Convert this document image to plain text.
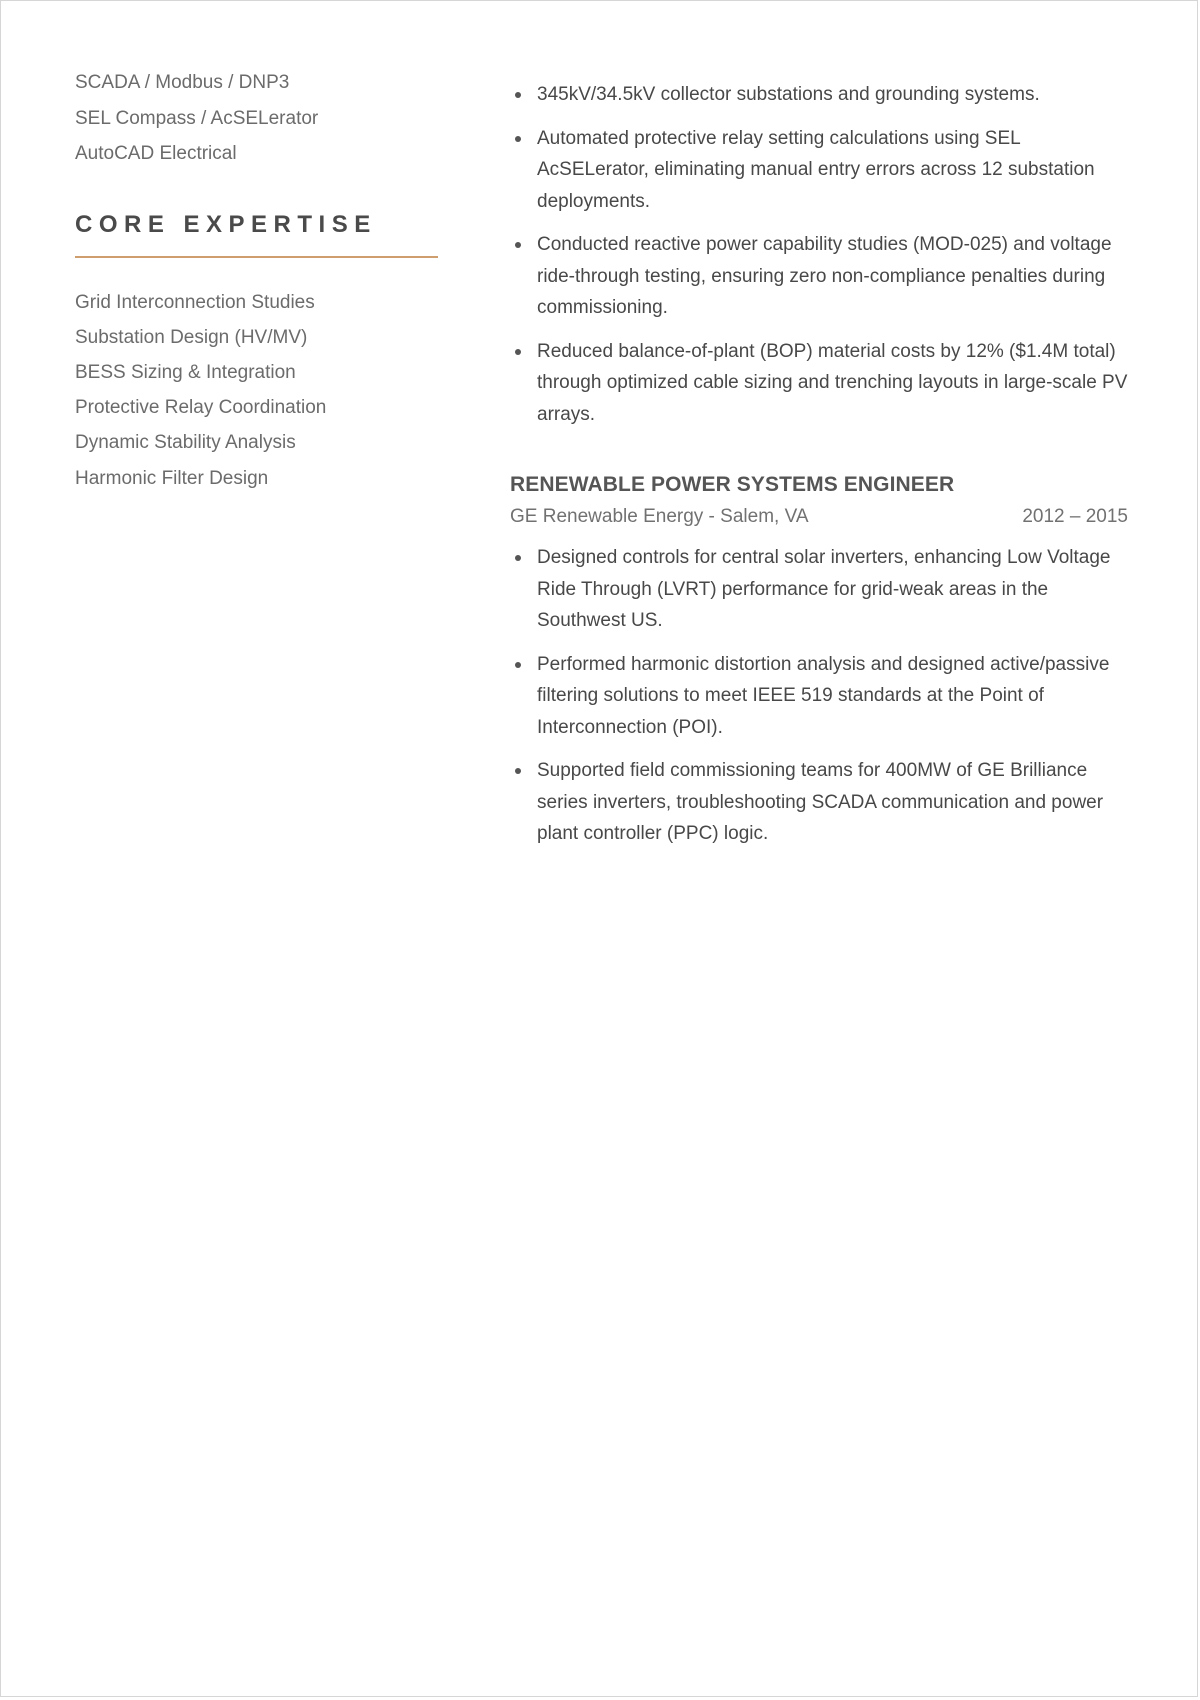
SCADA / Modbus / DNP3
SEL Compass / AcSELerator
AutoCAD Electrical
CORE EXPERTISE
Grid Interconnection Studies
Substation Design (HV/MV)
BESS Sizing & Integration
Protective Relay Coordination
Dynamic Stability Analysis
Harmonic Filter Design
345kV/34.5kV collector substations and grounding systems.
Automated protective relay setting calculations using SEL AcSELerator, eliminating manual entry errors across 12 substation deployments.
Conducted reactive power capability studies (MOD-025) and voltage ride-through testing, ensuring zero non-compliance penalties during commissioning.
Reduced balance-of-plant (BOP) material costs by 12% ($1.4M total) through optimized cable sizing and trenching layouts in large-scale PV arrays.
RENEWABLE POWER SYSTEMS ENGINEER
GE Renewable Energy - Salem, VA	2012 – 2015
Designed controls for central solar inverters, enhancing Low Voltage Ride Through (LVRT) performance for grid-weak areas in the Southwest US.
Performed harmonic distortion analysis and designed active/passive filtering solutions to meet IEEE 519 standards at the Point of Interconnection (POI).
Supported field commissioning teams for 400MW of GE Brilliance series inverters, troubleshooting SCADA communication and power plant controller (PPC) logic.
